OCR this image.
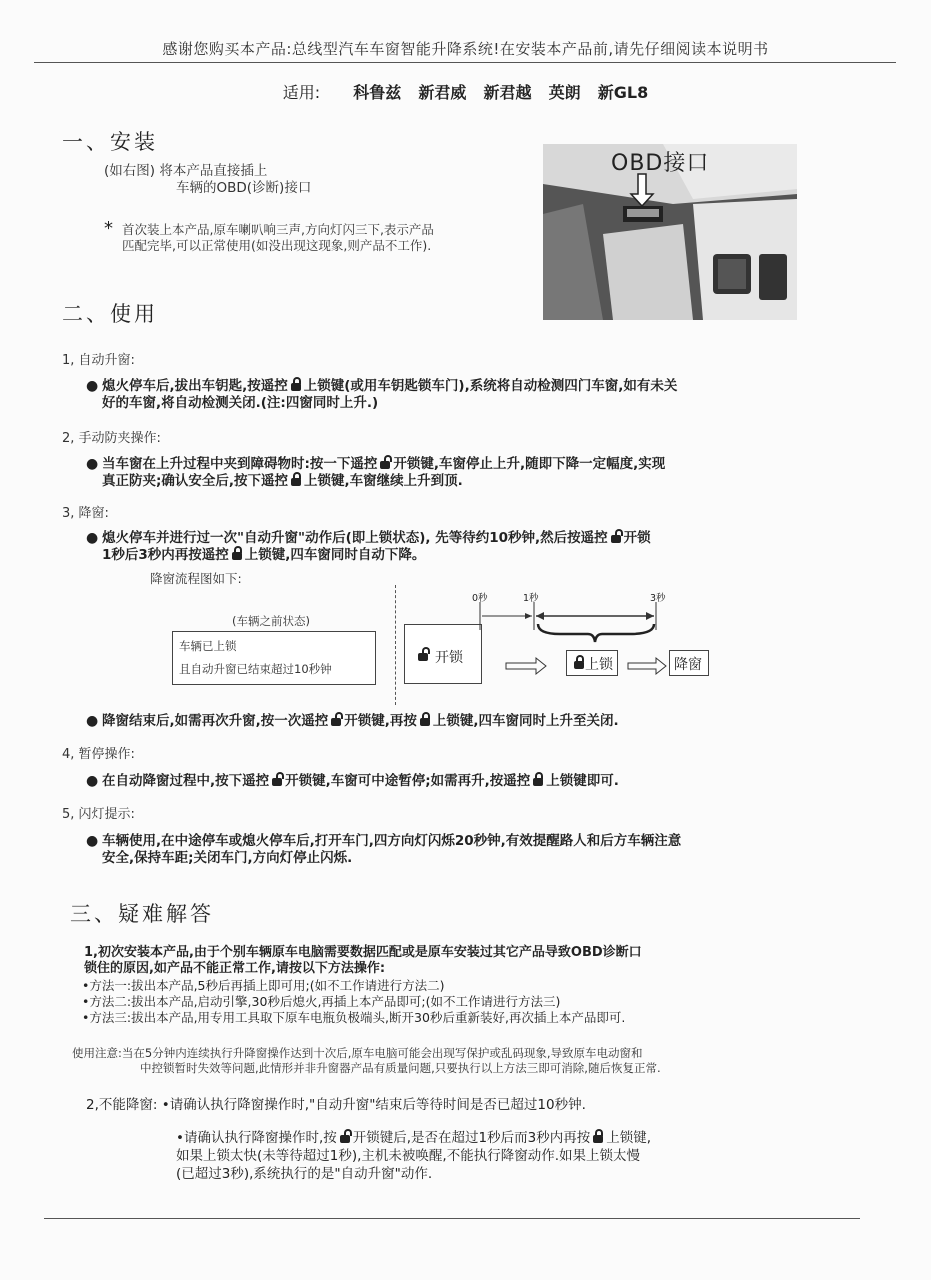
感谢您购买本产品:总线型汽车车窗智能升降系统!在安装本产品前,请先仔细阅读本说明书
适用: 科鲁兹 新君威 新君越 英朗 新GL8
一、安装
(如右图) 将本产品直接插上
车辆的OBD(诊断)接口
* 首次装上本产品,原车喇叭响三声,方向灯闪三下,表示产品
匹配完毕,可以正常使用(如没出现这现象,则产品不工作).
OBD接口
二、使用
1, 自动升窗:
● 熄火停车后,拔出车钥匙,按遥控 上锁键(或用车钥匙锁车门),系统将自动检测四门车窗,如有未关
好的车窗,将自动检测关闭.(注:四窗同时上升.)
2, 手动防夹操作:
● 当车窗在上升过程中夹到障碍物时:按一下遥控 开锁键,车窗停止上升,随即下降一定幅度,实现
真正防夹;确认安全后,按下遥控 上锁键,车窗继续上升到顶.
3, 降窗:
● 熄火停车并进行过一次"自动升窗"动作后(即上锁状态), 先等待约10秒钟,然后按遥控 开锁
1秒后3秒内再按遥控 上锁键,四车窗同时自动下降。
降窗流程图如下:
(车辆之前状态)
车辆已上锁
且自动升窗已结束超过10秒钟
开锁
0秒	1秒	3秒
上锁	降窗
● 降窗结束后,如需再次升窗,按一次遥控 开锁键,再按 上锁键,四车窗同时上升至关闭.
4, 暂停操作:
● 在自动降窗过程中,按下遥控 开锁键,车窗可中途暂停;如需再升,按遥控 上锁键即可.
5, 闪灯提示:
● 车辆使用,在中途停车或熄火停车后,打开车门,四方向灯闪烁20秒钟,有效提醒路人和后方车辆注意
安全,保持车距;关闭车门,方向灯停止闪烁.
三、疑难解答
1,初次安装本产品,由于个别车辆原车电脑需要数据匹配或是原车安装过其它产品导致OBD诊断口
锁住的原因,如产品不能正常工作,请按以下方法操作:
•方法一:拔出本产品,5秒后再插上即可用;(如不工作请进行方法二)
•方法二:拔出本产品,启动引擎,30秒后熄火,再插上本产品即可;(如不工作请进行方法三)
•方法三:拔出本产品,用专用工具取下原车电瓶负极端头,断开30秒后重新装好,再次插上本产品即可.
使用注意:当在5分钟内连续执行升降窗操作达到十次后,原车电脑可能会出现写保护或乱码现象,导致原车电动窗和
中控锁暂时失效等问题,此情形并非升窗器产品有质量问题,只要执行以上方法三即可消除,随后恢复正常.
2,不能降窗: •请确认执行降窗操作时,"自动升窗"结束后等待时间是否已超过10秒钟.
•请确认执行降窗操作时,按 开锁键后,是否在超过1秒后而3秒内再按 上锁键,
如果上锁太快(未等待超过1秒),主机未被唤醒,不能执行降窗动作.如果上锁太慢
(已超过3秒),系统执行的是"自动升窗"动作.
